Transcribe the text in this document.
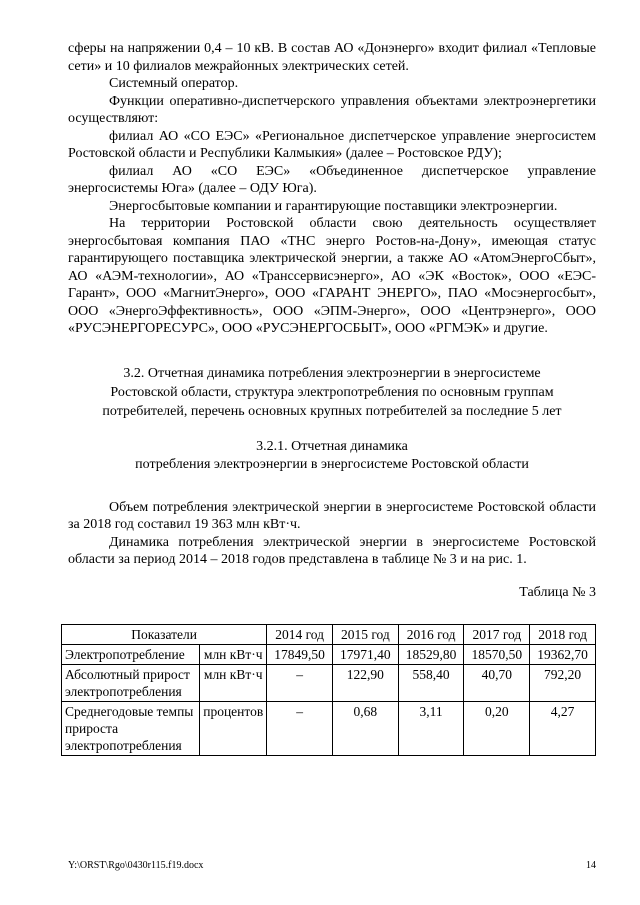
сферы на напряжении 0,4 – 10 кВ. В состав АО «Донэнерго» входит филиал «Тепловые сети» и 10 филиалов межрайонных электрических сетей.

Системный оператор.

Функции оперативно-диспетчерского управления объектами электроэнергетики осуществляют:

филиал АО «СО ЕЭС» «Региональное диспетчерское управление энергосистем Ростовской области и Республики Калмыкия» (далее – Ростовское РДУ);

филиал АО «СО ЕЭС» «Объединенное диспетчерское управление энергосистемы Юга» (далее – ОДУ Юга).

Энергосбытовые компании и гарантирующие поставщики электроэнергии.

На территории Ростовской области свою деятельность осуществляет энергосбытовая компания ПАО «ТНС энерго Ростов-на-Дону», имеющая статус гарантирующего поставщика электрической энергии, а также АО «АтомЭнергоСбыт», АО «АЭМ-технологии», АО «Транссервисэнерго», АО «ЭК «Восток», ООО «ЕЭС-Гарант», ООО «МагнитЭнерго», ООО «ГАРАНТ ЭНЕРГО», ПАО «Мосэнергосбыт», ООО «ЭнергоЭффективность», ООО «ЭПМ-Энерго», ООО «Центрэнерго», ООО «РУСЭНЕРГОРЕСУРС», ООО «РУСЭНЕРГОСБЫТ», ООО «РГМЭК» и другие.

3.2. Отчетная динамика потребления электроэнергии в энергосистеме

Ростовской области, структура электропотребления по основным группам

потребителей, перечень основных крупных потребителей за последние 5 лет

3.2.1. Отчетная динамика

потребления электроэнергии в энергосистеме Ростовской области

Объем потребления электрической энергии в энергосистеме Ростовской области за 2018 год составил 19 363 млн кВт·ч.

Динамика потребления электрической энергии в энергосистеме Ростовской области за период 2014 – 2018 годов представлена в таблице № 3 и на рис. 1.

Таблица № 3

Показатели		2014 год	2015 год	2016 год	2017 год	2018 год
Электропотребление	млн кВт·ч	17849,50	17971,40	18529,80	18570,50	19362,70
Абсолютный прирост электропотребления	млн кВт·ч	–	122,90	558,40	40,70	792,20
Среднегодовые темпы прироста электропотребления	процентов	–	0,68	3,11	0,20	4,27
Y:\ORST\Rgo\0430r115.f19.docx	14
